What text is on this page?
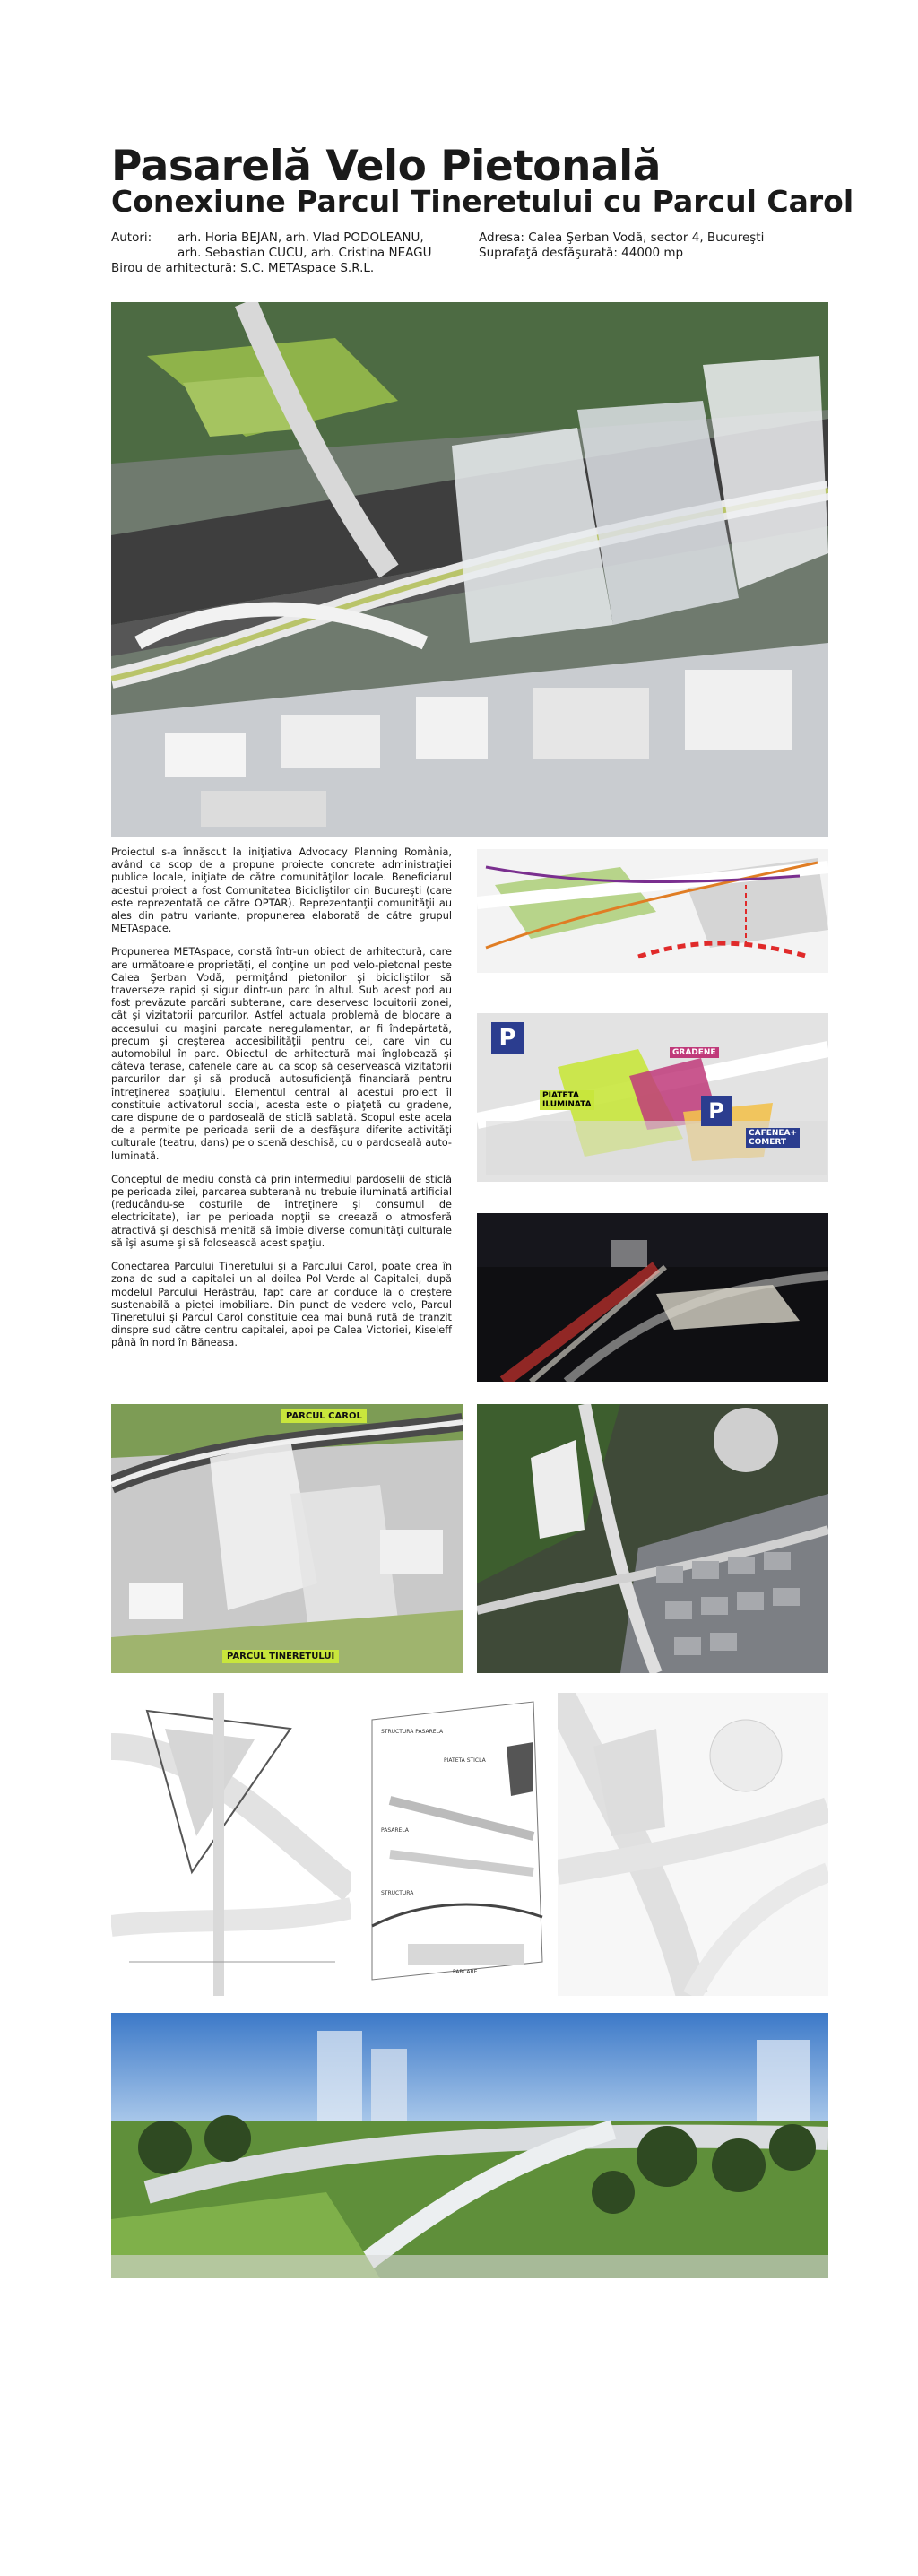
Pasarelă Velo Pietonală
Conexiune Parcul Tineretului cu Parcul Carol
Autori: arh. Horia BEJAN, arh. Vlad PODOLEANU,
arh. Sebastian CUCU, arh. Cristina NEAGU
Birou de arhitectură: S.C. METAspace S.R.L.
Adresa: Calea Şerban Vodă, sector 4, Bucureşti
Suprafaţă desfăşurată: 44000 mp

Proiectul s-a înnăscut la iniţiativa Advocacy Planning România, având ca scop de a propune proiecte concrete administraţiei publice locale, iniţiate de către comunităţilor locale. Beneficiarul acestui proiect a fost Comunitatea Bicicliştilor din Bucureşti (care este reprezentată de către OPTAR). Reprezentanţii comunităţii au ales din patru variante, propunerea elaborată de către grupul METAspace.

Propunerea METAspace, constă într-un obiect de arhitectură, care are următoarele proprietăţi, el conţine un pod velo-pietonal peste Calea Şerban Vodă, permiţând pietonilor şi bicicliştilor să traverseze rapid şi sigur dintr-un parc în altul. Sub acest pod au fost prevăzute parcări subterane, care deservesc locuitorii zonei, cât şi vizitatorii parcurilor. Astfel actuala problemă de blocare a accesului cu maşini parcate neregulamentar, ar fi îndepărtată, precum şi creşterea accesibilităţii pentru cei, care vin cu automobilul în parc. Obiectul de arhitectură mai înglobează şi câteva terase, cafenele care au ca scop să deservească vizitatorii parcurilor dar şi să producă autosuficienţă financiară pentru întreţinerea spaţiului. Elementul central al acestui proiect îl constituie activatorul social, acesta este o piaţetă cu gradene, care dispune de o pardoseală de sticlă sablată. Scopul este acela de a permite pe perioada serii de a desfăşura diferite activităţi culturale (teatru, dans) pe o scenă deschisă, cu o pardoseală auto-luminată.

Conceptul de mediu constă că prin intermediul pardoselii de sticlă pe perioada zilei, parcarea subterană nu trebuie iluminată artificial (reducându-se costurile de întreţinere şi consumul de electricitate), iar pe perioada nopţii se creează o atmosferă atractivă şi deschisă menită să îmbie diverse comunităţi culturale să îşi asume şi să folosească acest spaţiu.

Conectarea Parcului Tineretului şi a Parcului Carol, poate crea în zona de sud a capitalei un al doilea Pol Verde al Capitalei, după modelul Parcului Herăstrău, fapt care ar conduce la o creştere sustenabilă a pieţei imobiliare. Din punct de vedere velo, Parcul Tineretului şi Parcul Carol constituie cea mai bună rută de tranzit dinspre sud către centru capitalei, apoi pe Calea Victoriei, Kiseleff până în nord în Băneasa.

P
P
GRADENE
PIATETA
ILUMINATA
CAFENEA+
COMERT
PARCUL CAROL
PARCUL TINERETULUI
STRUCTURA PASARELA
PIATETA STICLA
PASARELA
STRUCTURA
PARCARE
